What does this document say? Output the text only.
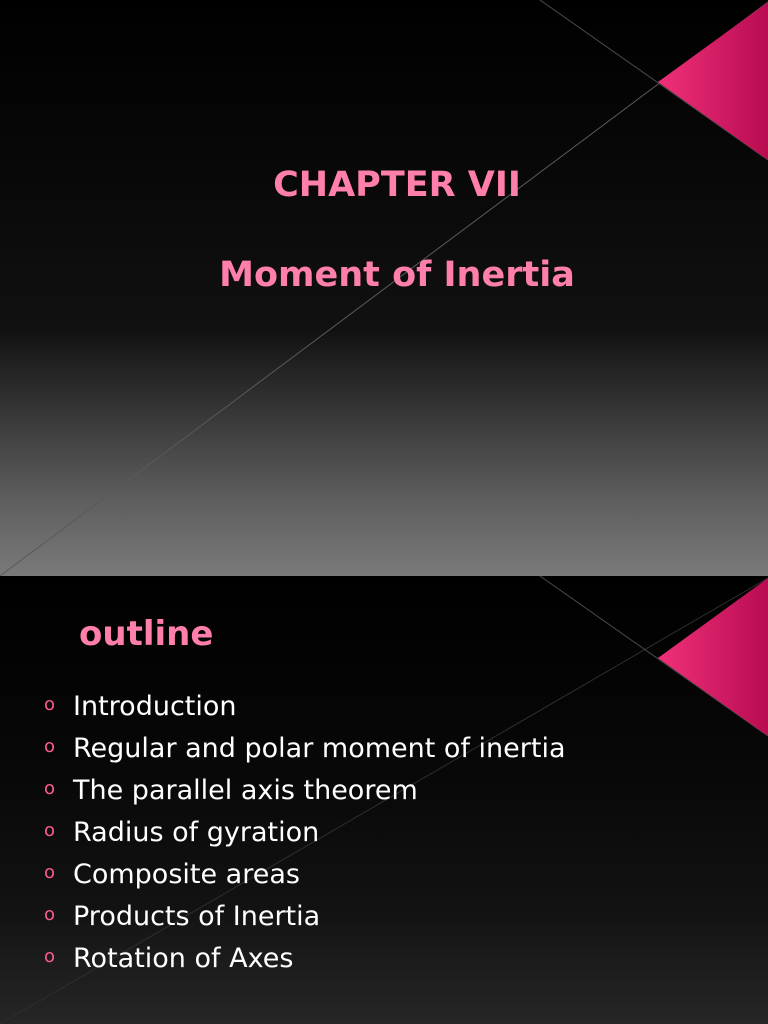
CHAPTER VII
Moment of Inertia
outline
o Introduction
o Regular and polar moment of inertia
o The parallel axis theorem
o Radius of gyration
o Composite areas
o Products of Inertia
o Rotation of Axes
